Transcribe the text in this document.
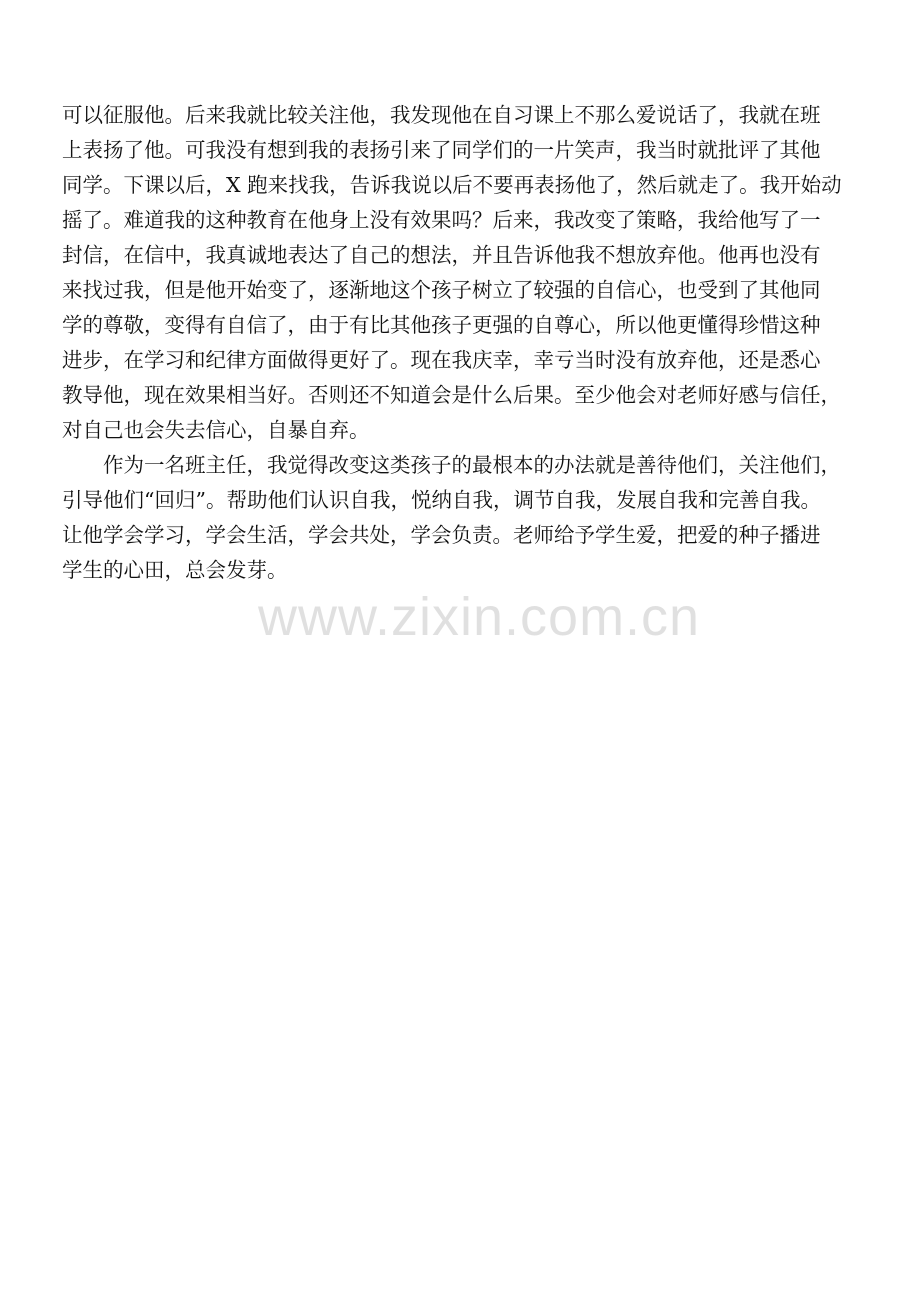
可以征服他。后来我就比较关注他，我发现他在自习课上不那么爱说话了，我就在班
上表扬了他。可我没有想到我的表扬引来了同学们的一片笑声，我当时就批评了其他
同学。下课以后，X 跑来找我，告诉我说以后不要再表扬他了，然后就走了。我开始动
摇了。难道我的这种教育在他身上没有效果吗？后来，我改变了策略，我给他写了一
封信，在信中，我真诚地表达了自己的想法，并且告诉他我不想放弃他。他再也没有
来找过我，但是他开始变了，逐渐地这个孩子树立了较强的自信心，也受到了其他同
学的尊敬，变得有自信了，由于有比其他孩子更强的自尊心，所以他更懂得珍惜这种
进步，在学习和纪律方面做得更好了。现在我庆幸，幸亏当时没有放弃他，还是悉心
教导他，现在效果相当好。否则还不知道会是什么后果。至少他会对老师好感与信任，
对自己也会失去信心，自暴自弃。
作为一名班主任，我觉得改变这类孩子的最根本的办法就是善待他们，关注他们，
引导他们“回归”。帮助他们认识自我，悦纳自我，调节自我，发展自我和完善自我。
让他学会学习，学会生活，学会共处，学会负责。老师给予学生爱，把爱的种子播进
学生的心田，总会发芽。
www.zixin.com.cn
